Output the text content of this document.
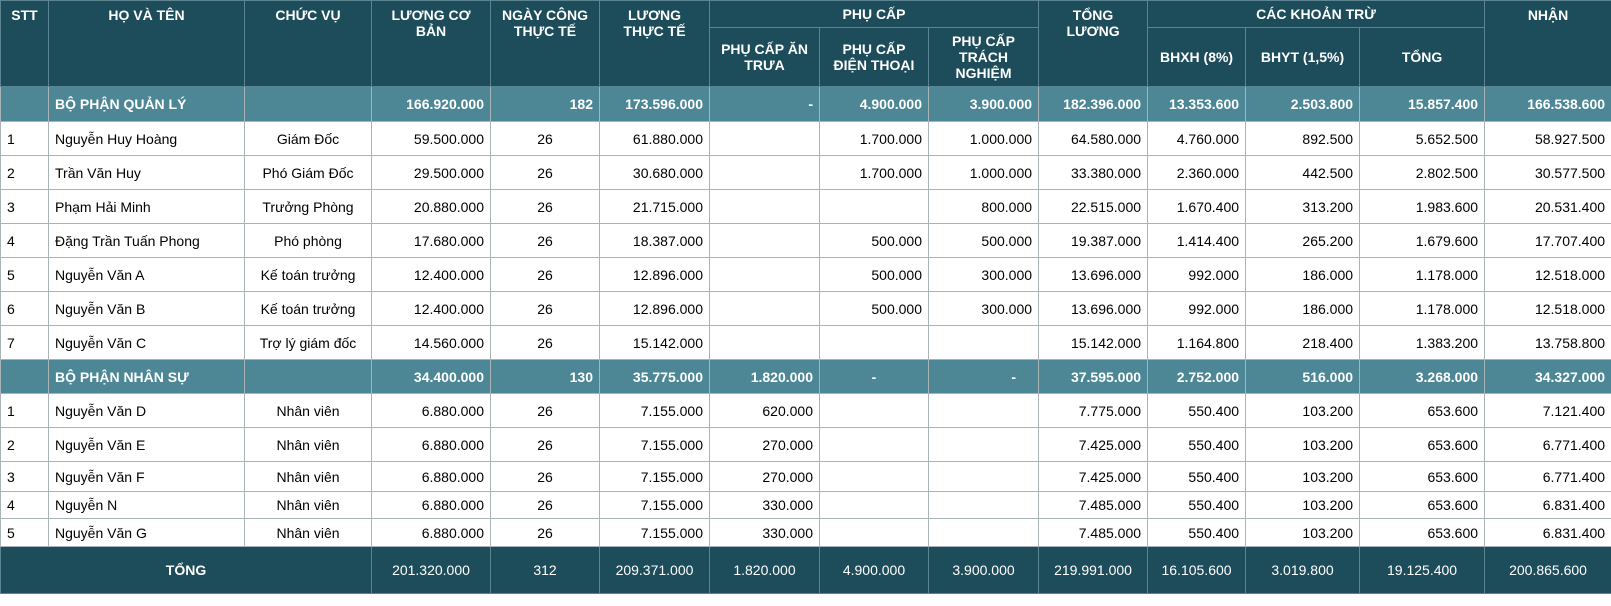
STT	HỌ VÀ TÊN	CHỨC VỤ	LƯƠNG CƠ BẢN	NGÀY CÔNG THỰC TẾ	LƯƠNG THỰC TẾ	PHỤ CẤP			TỔNG LƯƠNG	CÁC KHOẢN TRỪ			NHẬN
						PHỤ CẤP ĂN TRƯA	PHỤ CẤP ĐIỆN THOẠI	PHỤ CẤP TRÁCH NGHIỆM		BHXH (8%)	BHYT (1,5%)	TỔNG	
	BỘ PHẬN QUẢN LÝ		166.920.000	182	173.596.000	-	4.900.000	3.900.000	182.396.000	13.353.600	2.503.800	15.857.400	166.538.600
1	Nguyễn Huy Hoàng	Giám Đốc	59.500.000	26	61.880.000		1.700.000	1.000.000	64.580.000	4.760.000	892.500	5.652.500	58.927.500
2	Trần Văn Huy	Phó Giám Đốc	29.500.000	26	30.680.000		1.700.000	1.000.000	33.380.000	2.360.000	442.500	2.802.500	30.577.500
3	Phạm Hải Minh	Trưởng Phòng	20.880.000	26	21.715.000			800.000	22.515.000	1.670.400	313.200	1.983.600	20.531.400
4	Đặng Trần Tuấn Phong	Phó phòng	17.680.000	26	18.387.000		500.000	500.000	19.387.000	1.414.400	265.200	1.679.600	17.707.400
5	Nguyễn Văn A	Kế toán trưởng	12.400.000	26	12.896.000		500.000	300.000	13.696.000	992.000	186.000	1.178.000	12.518.000
6	Nguyễn Văn B	Kế toán trưởng	12.400.000	26	12.896.000		500.000	300.000	13.696.000	992.000	186.000	1.178.000	12.518.000
7	Nguyễn Văn C	Trợ lý giám đốc	14.560.000	26	15.142.000				15.142.000	1.164.800	218.400	1.383.200	13.758.800
	BỘ PHẬN NHÂN SỰ		34.400.000	130	35.775.000	1.820.000	-	-	37.595.000	2.752.000	516.000	3.268.000	34.327.000
1	Nguyễn Văn D	Nhân viên	6.880.000	26	7.155.000	620.000			7.775.000	550.400	103.200	653.600	7.121.400
2	Nguyễn Văn E	Nhân viên	6.880.000	26	7.155.000	270.000			7.425.000	550.400	103.200	653.600	6.771.400
3	Nguyễn Văn F	Nhân viên	6.880.000	26	7.155.000	270.000			7.425.000	550.400	103.200	653.600	6.771.400
4	Nguyễn N	Nhân viên	6.880.000	26	7.155.000	330.000			7.485.000	550.400	103.200	653.600	6.831.400
5	Nguyễn Văn G	Nhân viên	6.880.000	26	7.155.000	330.000			7.485.000	550.400	103.200	653.600	6.831.400
TỔNG			201.320.000	312	209.371.000	1.820.000	4.900.000	3.900.000	219.991.000	16.105.600	3.019.800	19.125.400	200.865.600
